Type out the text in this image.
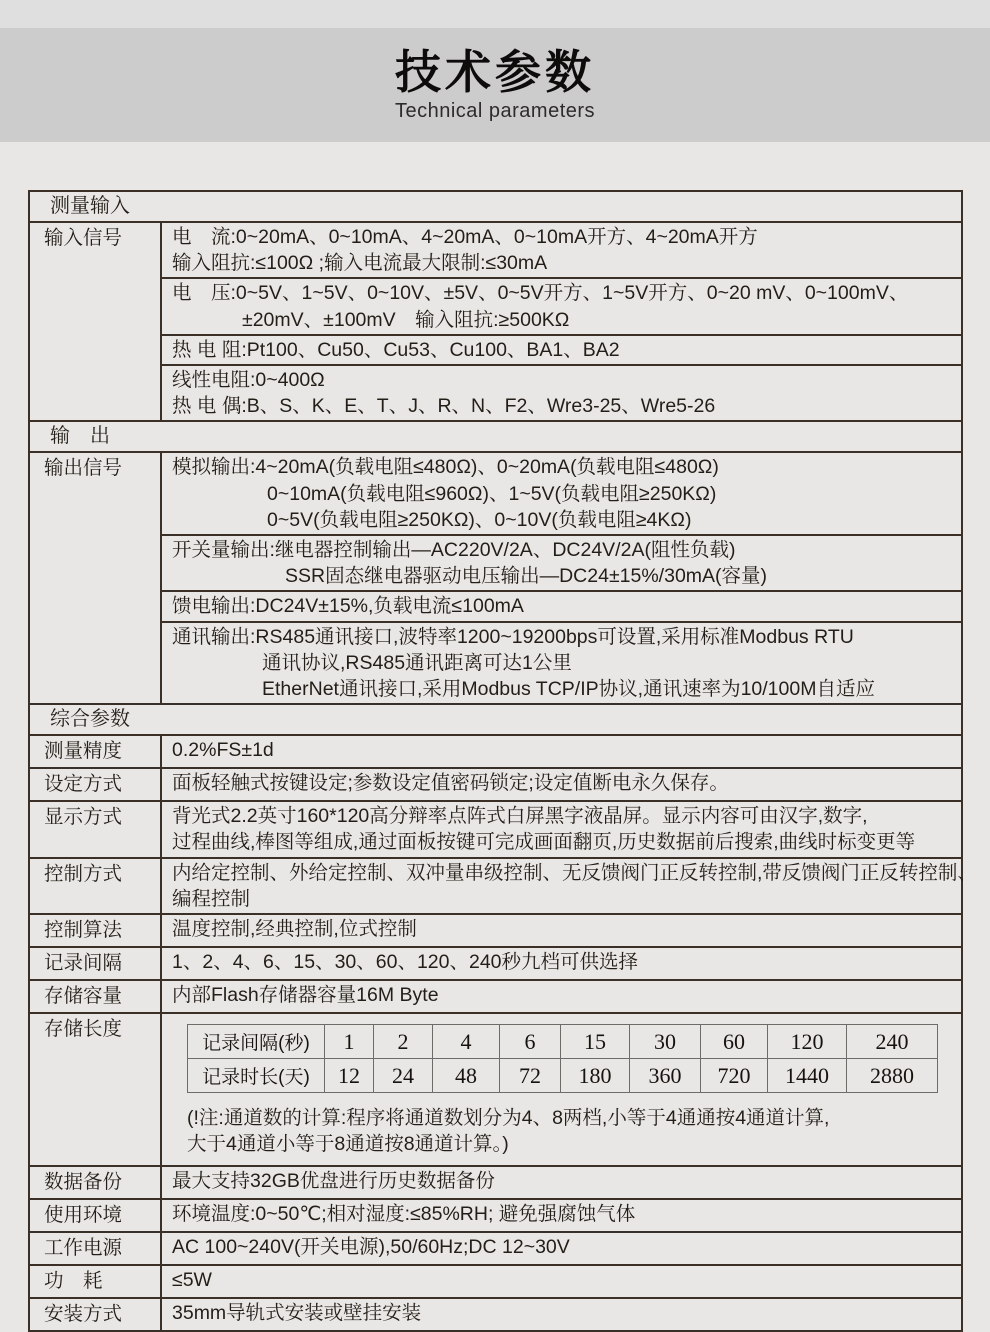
技术参数
Technical parameters
测量输入
输入信号	电　流:0~20mA、0~10mA、4~20mA、0~10mA开方、4~20mA开方
输入阻抗:≤100Ω ;输入电流最大限制:≤30mA
电　压:0~5V、1~5V、0~10V、±5V、0~5V开方、1~5V开方、0~20 mV、0~100mV、
±20mV、±100mV　输入阻抗:≥500KΩ
热 电 阻:Pt100、Cu50、Cu53、Cu100、BA1、BA2
线性电阻:0~400Ω
热 电 偶:B、S、K、E、T、J、R、N、F2、Wre3-25、Wre5-26
输　出
输出信号	模拟输出:4~20mA(负载电阻≤480Ω)、0~20mA(负载电阻≤480Ω)
0~10mA(负载电阻≤960Ω)、1~5V(负载电阻≥250KΩ)
0~5V(负载电阻≥250KΩ)、0~10V(负载电阻≥4KΩ)
开关量输出:继电器控制输出—AC220V/2A、DC24V/2A(阻性负载)
SSR固态继电器驱动电压输出—DC24±15%/30mA(容量)
馈电输出:DC24V±15%,负载电流≤100mA
通讯输出:RS485通讯接口,波特率1200~19200bps可设置,采用标准Modbus RTU
通讯协议,RS485通讯距离可达1公里
EtherNet通讯接口,采用Modbus TCP/IP协议,通讯速率为10/100M自适应
综合参数
测量精度	0.2%FS±1d
设定方式	面板轻触式按键设定;参数设定值密码锁定;设定值断电永久保存。
显示方式	背光式2.2英寸160*120高分辩率点阵式白屏黑字液晶屏。显示内容可由汉字,数字,
过程曲线,棒图等组成,通过面板按键可完成画面翻页,历史数据前后搜索,曲线时标变更等
控制方式	内给定控制、外给定控制、双冲量串级控制、无反馈阀门正反转控制,带反馈阀门正反转控制、
编程控制
控制算法	温度控制,经典控制,位式控制
记录间隔	1、2、4、6、15、30、60、120、240秒九档可供选择
存储容量	内部Flash存储器容量16M Byte
存储长度
记录间隔(秒)	1	2	4	6	15	30	60	120	240
记录时长(天)	12	24	48	72	180	360	720	1440	2880
(!注:通道数的计算:程序将通道数划分为4、8两档,小等于4通通按4通道计算,
大于4通道小等于8通道按8通道计算。)
数据备份	最大支持32GB优盘进行历史数据备份
使用环境	环境温度:0~50℃;相对湿度:≤85%RH; 避免强腐蚀气体
工作电源	AC 100~240V(开关电源),50/60Hz;DC 12~30V
功　耗	≤5W
安装方式	35mm导轨式安装或壁挂安装
